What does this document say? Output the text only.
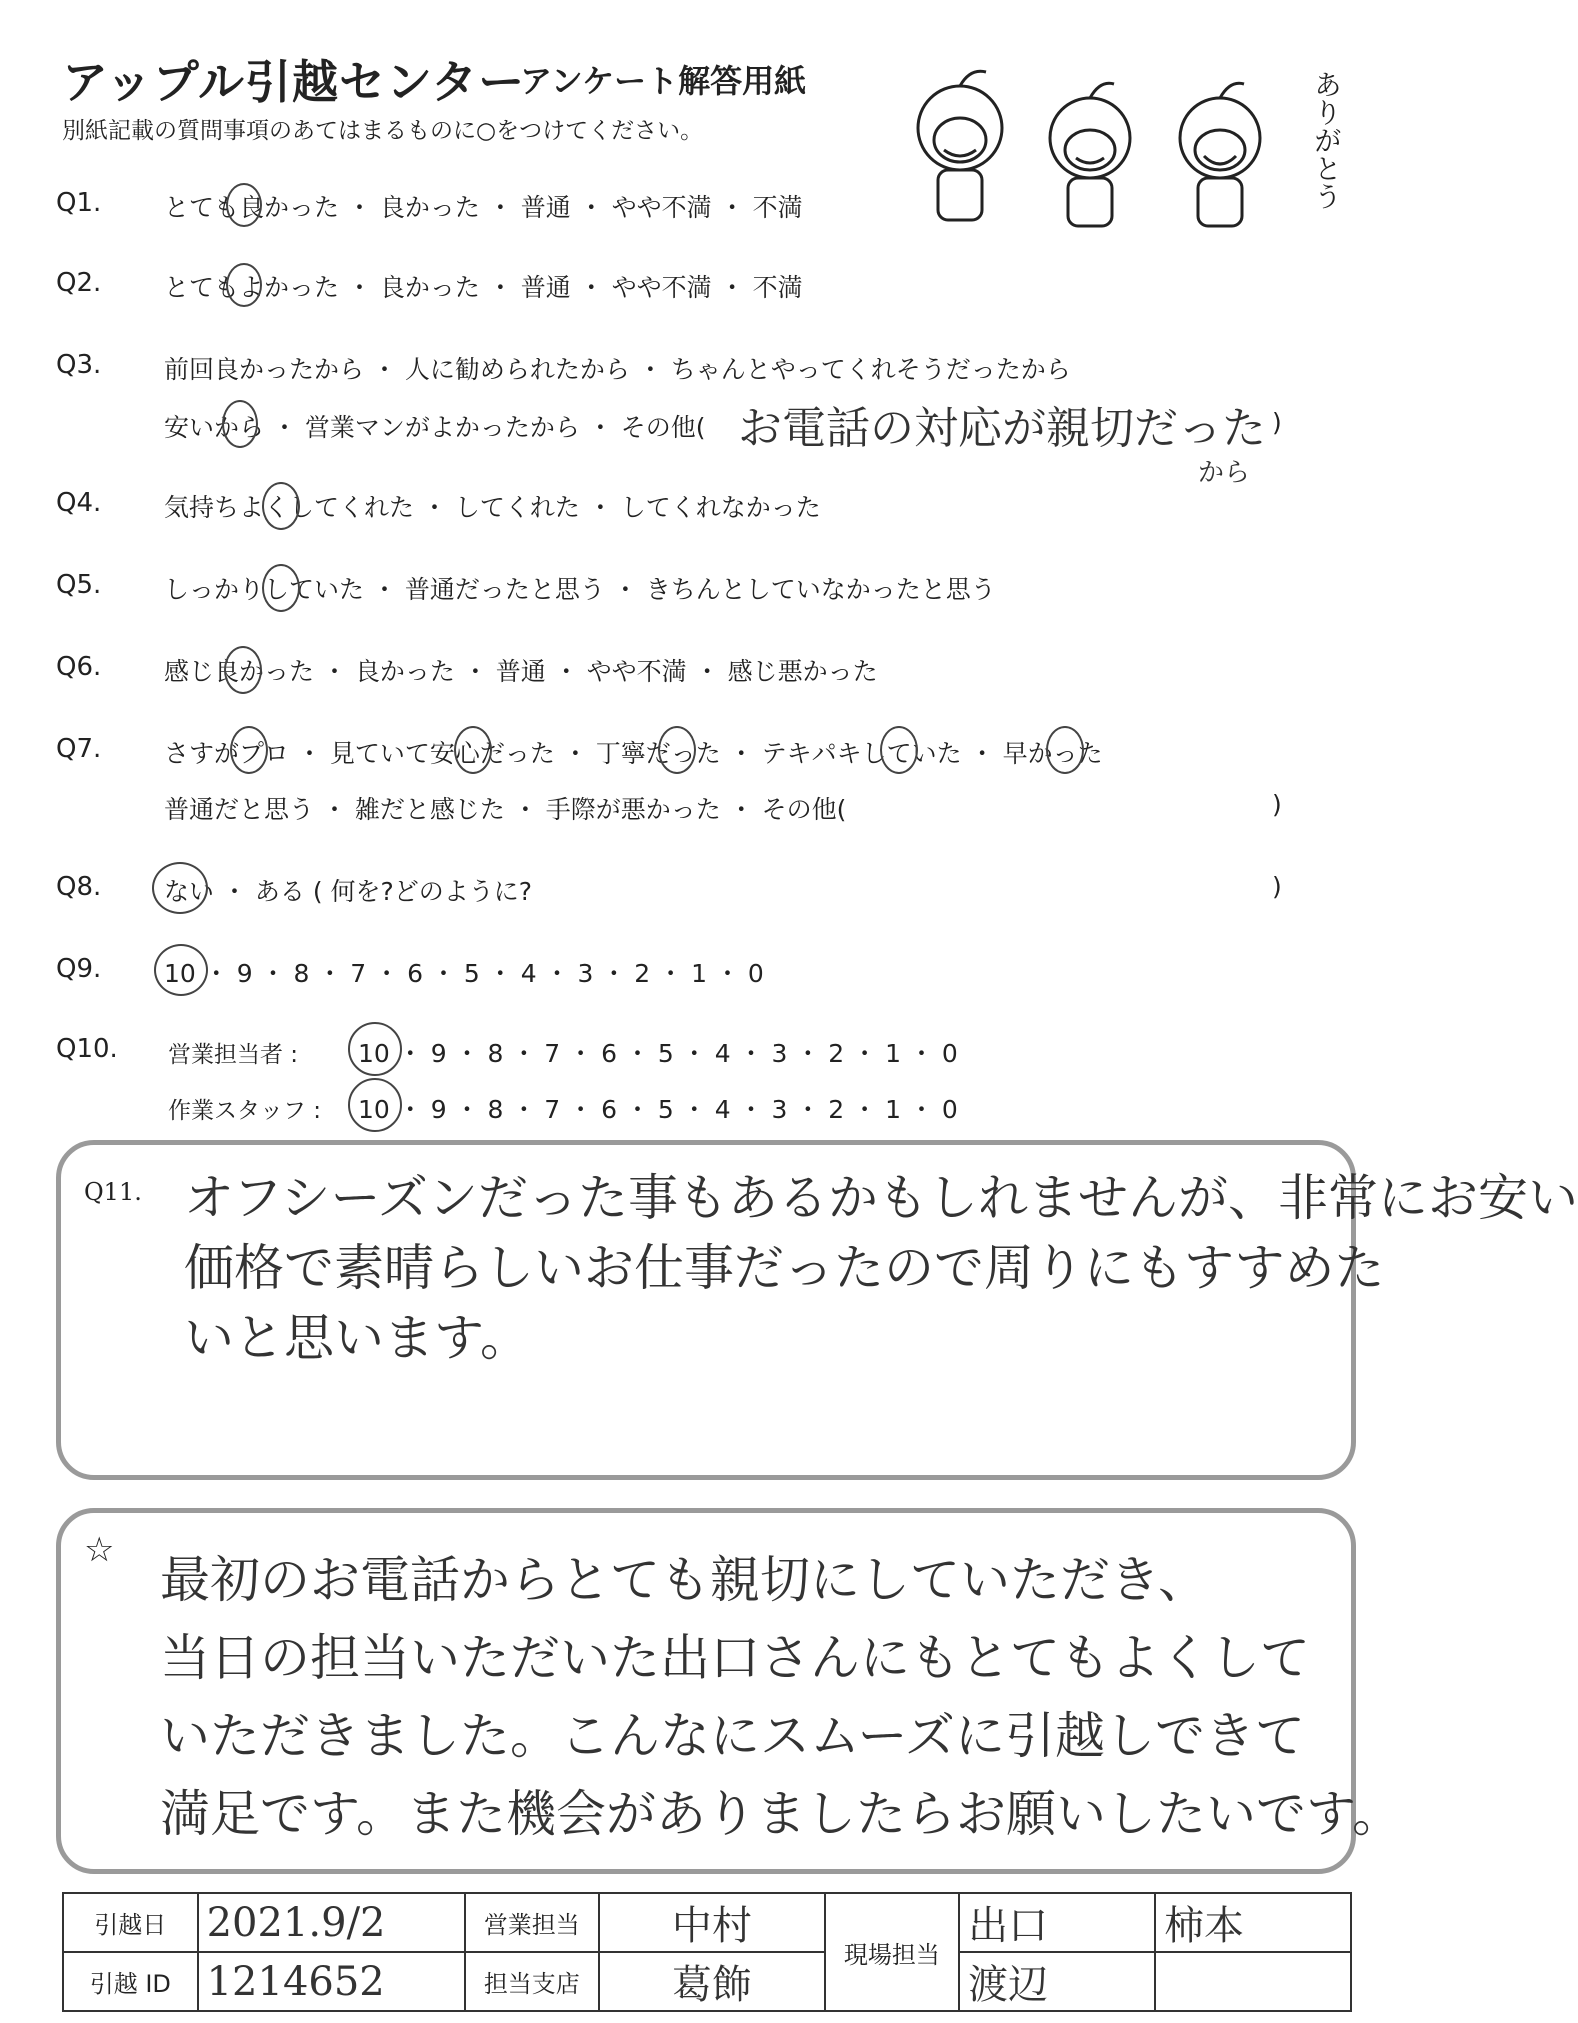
アップル引越センター
アンケート解答用紙
別紙記載の質問事項のあてはまるものに○をつけてください。	ありがとう
Q1.	とても良かった ・ 良かった ・ 普通 ・ やや不満 ・ 不満
Q2.	とてもよかった ・ 良かった ・ 普通 ・ やや不満 ・ 不満
Q3.	前回良かったから ・ 人に勧められたから ・ ちゃんとやってくれそうだったから
安いから ・ 営業マンがよかったから ・ その他( お電話の対応が親切だった )
から
Q4.	気持ちよくしてくれた ・ してくれた ・ してくれなかった
Q5.	しっかりしていた ・ 普通だったと思う ・ きちんとしていなかったと思う
Q6.	感じ良かった ・ 良かった ・ 普通 ・ やや不満 ・ 感じ悪かった
Q7.	さすがプロ ・ 見ていて安心だった ・ 丁寧だった ・ テキパキしていた ・ 早かった
普通だと思う ・ 雑だと感じた ・ 手際が悪かった ・ その他(	)
Q8.	ない ・ ある ( 何を?どのように?	)
Q9.	10 ・ 9 ・ 8 ・ 7 ・ 6 ・ 5 ・ 4 ・ 3 ・ 2 ・ 1 ・ 0
Q10. 営業担当者 : 10 ・ 9 ・ 8 ・ 7 ・ 6 ・ 5 ・ 4 ・ 3 ・ 2 ・ 1 ・ 0
作業スタッフ : 10 ・ 9 ・ 8 ・ 7 ・ 6 ・ 5 ・ 4 ・ 3 ・ 2 ・ 1 ・ 0
Q11. オフシーズンだった事もあるかもしれませんが、非常にお安い
価格で素晴らしいお仕事だったので周りにもすすめた
いと思います。
☆
最初のお電話からとても親切にしていただき、
当日の担当いただいた出口さんにもとてもよくして
いただきました。こんなにスムーズに引越しできて
満足です。また機会がありましたらお願いしたいです。
引越日	2021.9/2	営業担当	中村	現場担当	出口	柿本
引越 ID	1214652	担当支店	葛飾		渡辺	
